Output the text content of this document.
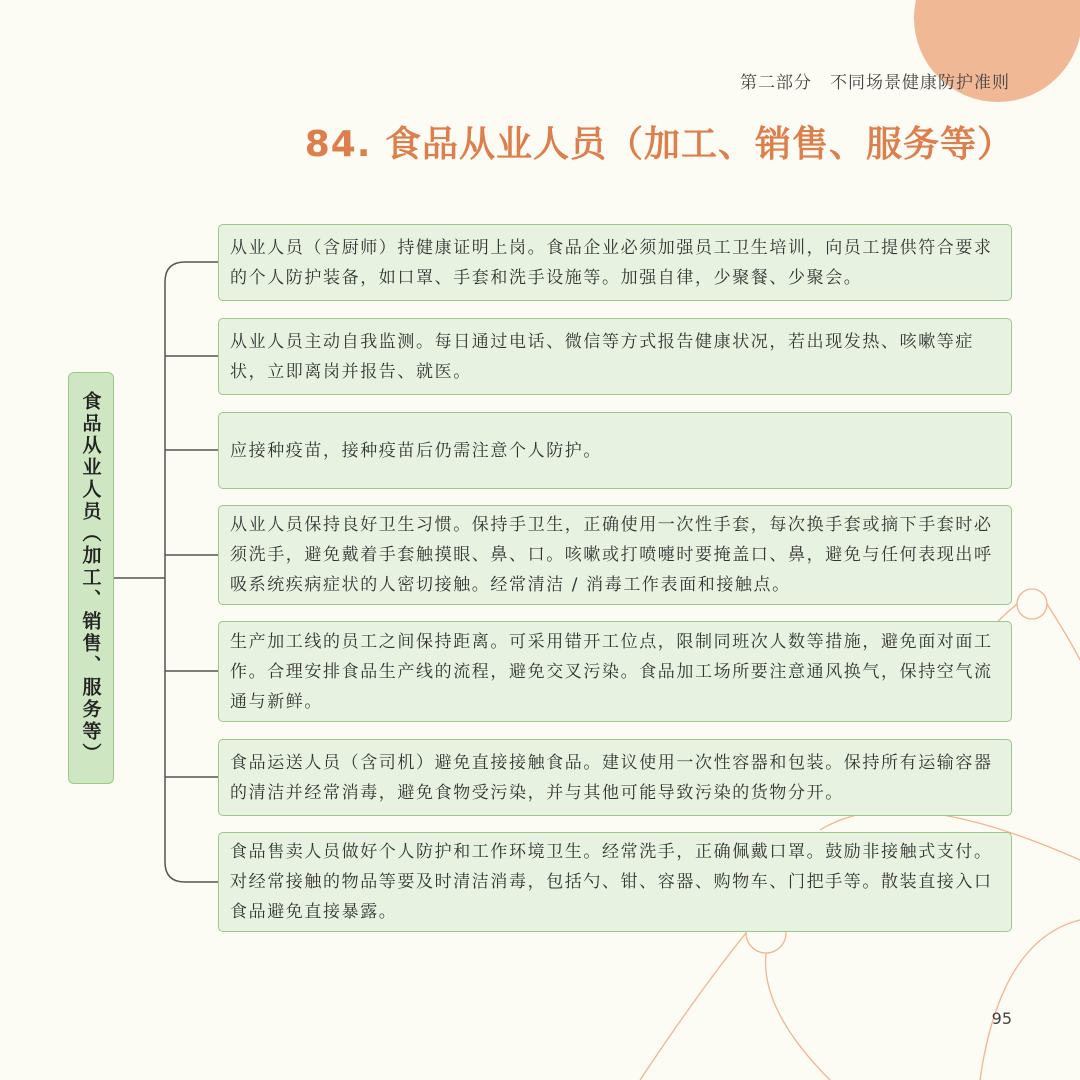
第二部分　不同场景健康防护准则
84. 食品从业人员（加工、销售、服务等）
食品从业人员（加工、销售、服务等）
从业人员（含厨师）持健康证明上岗。食品企业必须加强员工卫生培训，向员工提供符合要求的个人防护装备，如口罩、手套和洗手设施等。加强自律，少聚餐、少聚会。
从业人员主动自我监测。每日通过电话、微信等方式报告健康状况，若出现发热、咳嗽等症状，立即离岗并报告、就医。
应接种疫苗，接种疫苗后仍需注意个人防护。
从业人员保持良好卫生习惯。保持手卫生，正确使用一次性手套，每次换手套或摘下手套时必须洗手，避免戴着手套触摸眼、鼻、口。咳嗽或打喷嚏时要掩盖口、鼻，避免与任何表现出呼吸系统疾病症状的人密切接触。经常清洁 / 消毒工作表面和接触点。
生产加工线的员工之间保持距离。可采用错开工位点，限制同班次人数等措施，避免面对面工作。合理安排食品生产线的流程，避免交叉污染。食品加工场所要注意通风换气，保持空气流通与新鲜。
食品运送人员（含司机）避免直接接触食品。建议使用一次性容器和包装。保持所有运输容器的清洁并经常消毒，避免食物受污染，并与其他可能导致污染的货物分开。
食品售卖人员做好个人防护和工作环境卫生。经常洗手，正确佩戴口罩。鼓励非接触式支付。对经常接触的物品等要及时清洁消毒，包括勺、钳、容器、购物车、门把手等。散装直接入口食品避免直接暴露。
95
